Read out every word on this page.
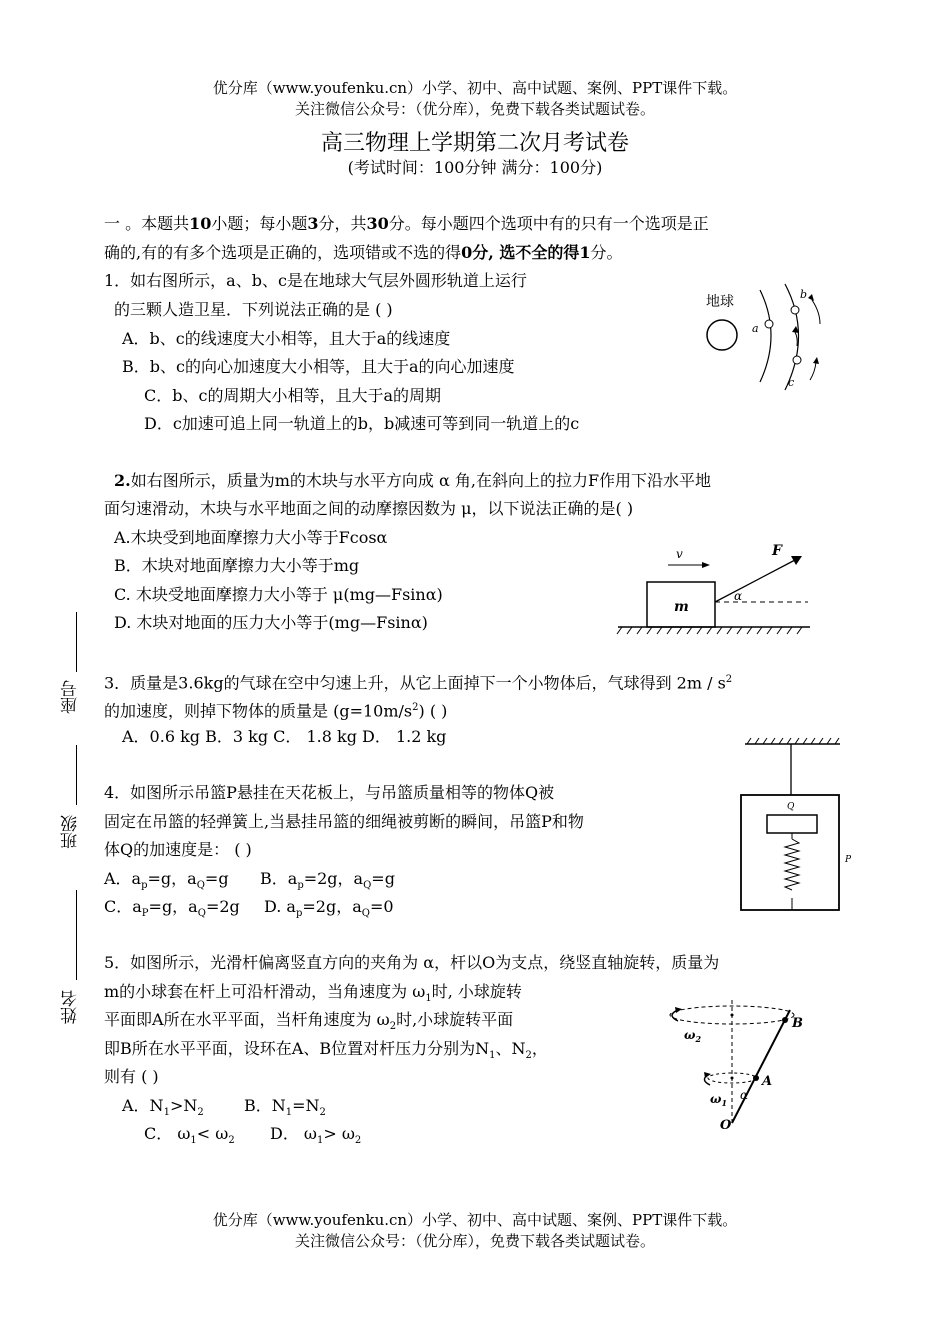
优分库（www.youfenku.cn）小学、初中、高中试题、案例、PPT课件下载。
关注微信公众号：（优分库），免费下载各类试题试卷。
高三物理上学期第二次月考试卷
(考试时间：100分钟 满分：100分)
一 。本题共10小题；每小题3分，共30分。每小题四个选项中有的只有一个选项是正
确的,有的有多个选项是正确的，选项错或不选的得0分, 选不全的得1分。
1．如右图所示，a、b、c是在地球大气层外圆形轨道上运行
的三颗人造卫星．下列说法正确的是 ( )
A．b、c的线速度大小相等，且大于a的线速度
B．b、c的向心加速度大小相等，且大于a的向心加速度
C．b、c的周期大小相等，且大于a的周期
D．c加速可追上同一轨道上的b，b减速可等到同一轨道上的c
地球
a
b
c
2.如右图所示，质量为m的木块与水平方向成 α 角,在斜向上的拉力F作用下沿水平地
面匀速滑动，木块与水平地面之间的动摩擦因数为 μ，以下说法正确的是( )
A.木块受到地面摩擦力大小等于Fcosα
B．木块对地面摩擦力大小等于mg
C. 木块受地面摩擦力大小等于 μ(mg—Fsinα)
D. 木块对地面的压力大小等于(mg—Fsinα)
v
m
F
α
3．质量是3.6kg的气球在空中匀速上升，从它上面掉下一个小物体后，气球得到 $2m / s^2$
的加速度，则掉下物体的质量是 $(g=10m/s^2)$ ( )
A．0.6 kg B．3 kg C． 1.8 kg D． 1.2 kg
4．如图所示吊篮P悬挂在天花板上，与吊篮质量相等的物体Q被
固定在吊篮的轻弹簧上,当悬挂吊篮的细绳被剪断的瞬间，吊篮P和物
体Q的加速度是： ( )
A．$a_p=g$，$a_Q=g$ B．$a_p=2g$，$a_Q=g$
C．$a_P=g$，$a_Q=2g$ D. $a_p=2g$，$a_Q=0$
Q
P
5．如图所示，光滑杆偏离竖直方向的夹角为 α，杆以O为支点，绕竖直轴旋转，质量为
m的小球套在杆上可沿杆滑动，当角速度为 $\omega_1$时, 小球旋转
平面即A所在水平平面，当杆角速度为 $\omega_2$时,小球旋转平面
即B所在水平平面，设环在A、B位置对杆压力分别为$N_1$、$N_2$，
则有 ( )
A．$N_1>N_2$	B．$N_1=N_2$
C． $\omega_1< \omega_2$ D． $\omega_1> \omega_2$
B
A
O
α
$\omega_2$
$\omega_1$
座号
班级
姓名
优分库（www.youfenku.cn）小学、初中、高中试题、案例、PPT课件下载。
关注微信公众号：（优分库），免费下载各类试题试卷。
